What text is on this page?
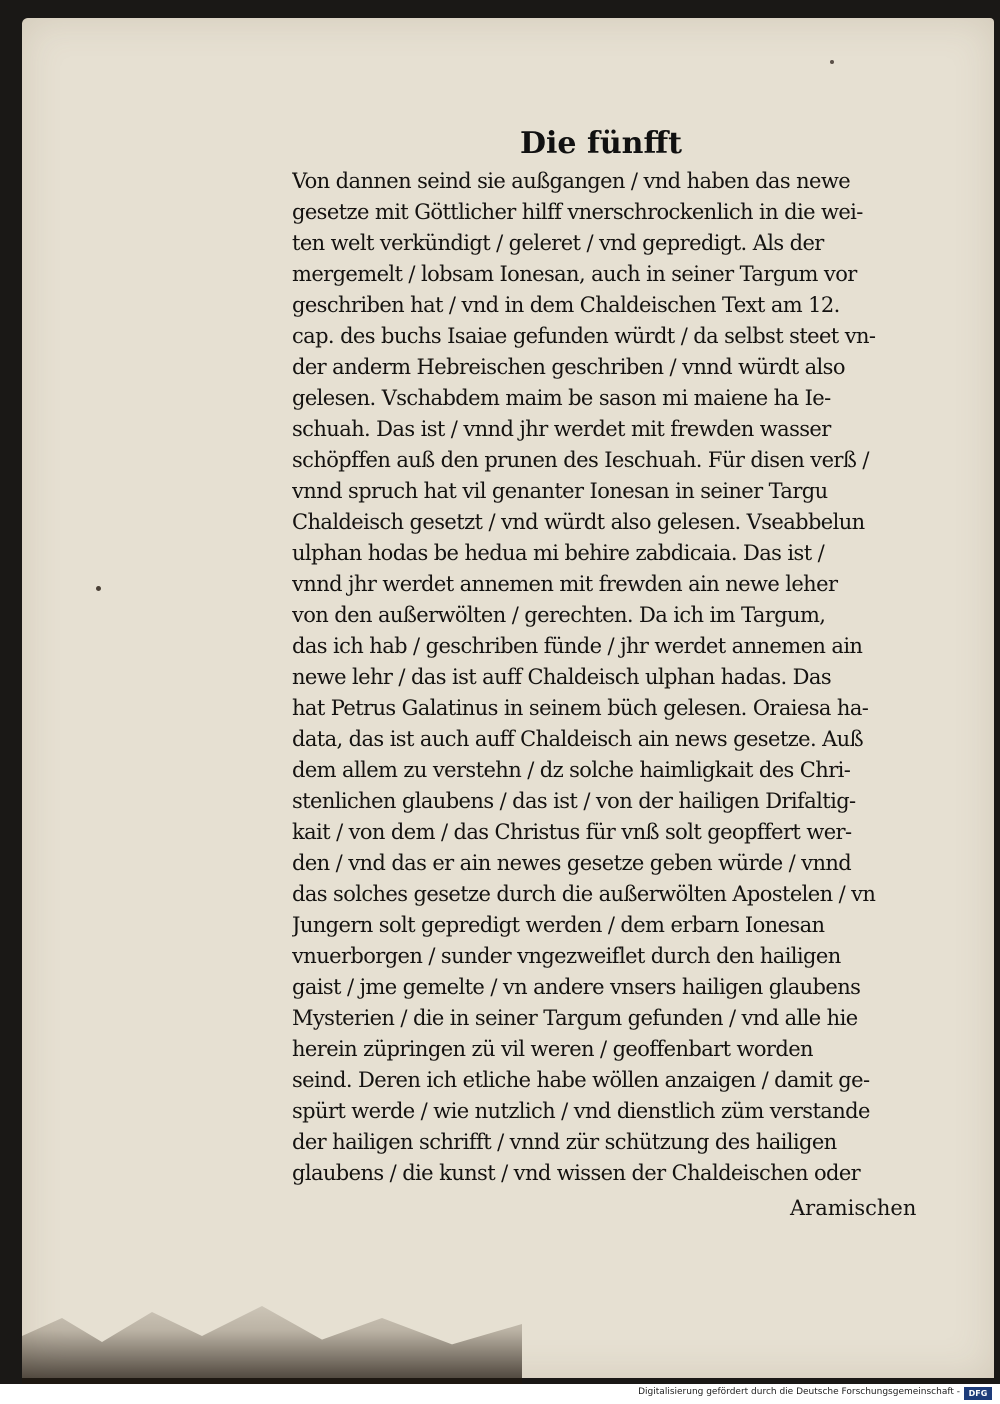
Die fünfft
Von dannen seind sie außgangen / vnd haben das newe
gesetze mit Göttlicher hilff vnerschrockenlich in die wei-
ten welt verkündigt / geleret / vnd gepredigt. Als der
mergemelt / lobsam Ionesan, auch in seiner Targum vor
geschriben hat / vnd in dem Chaldeischen Text am 12.
cap. des buchs Isaiae gefunden würdt / da selbst steet vn-
der anderm Hebreischen geschriben / vnnd würdt also
gelesen. Vschabdem maim be sason mi maiene ha Ie-
schuah. Das ist / vnnd jhr werdet mit frewden wasser
schöpffen auß den prunen des Ieschuah. Für disen verß /
vnnd spruch hat vil genanter Ionesan in seiner Targu
Chaldeisch gesetzt / vnd würdt also gelesen. Vseabbelun
ulphan hodas be hedua mi behire zabdicaia. Das ist /
vnnd jhr werdet annemen mit frewden ain newe leher
von den außerwölten / gerechten. Da ich im Targum,
das ich hab / geschriben fünde / jhr werdet annemen ain
newe lehr / das ist auff Chaldeisch ulphan hadas. Das
hat Petrus Galatinus in seinem büch gelesen. Oraiesa ha-
data, das ist auch auff Chaldeisch ain news gesetze. Auß
dem allem zu verstehn / dz solche haimligkait des Chri-
stenlichen glaubens / das ist / von der hailigen Drifaltig-
kait / von dem / das Christus für vnß solt geopffert wer-
den / vnd das er ain newes gesetze geben würde / vnnd
das solches gesetze durch die außerwölten Apostelen / vn
Jungern solt gepredigt werden / dem erbarn Ionesan
vnuerborgen / sunder vngezweiflet durch den hailigen
gaist / jme gemelte / vn andere vnsers hailigen glaubens
Mysterien / die in seiner Targum gefunden / vnd alle hie
herein züpringen zü vil weren / geoffenbart worden
seind. Deren ich etliche habe wöllen anzaigen / damit ge-
spürt werde / wie nutzlich / vnd dienstlich züm verstande
der hailigen schrifft / vnnd zür schützung des hailigen
glaubens / die kunst / vnd wissen der Chaldeischen oder
Aramischen
Digitalisierung gefördert durch die Deutsche Forschungsgemeinschaft -	DFG
